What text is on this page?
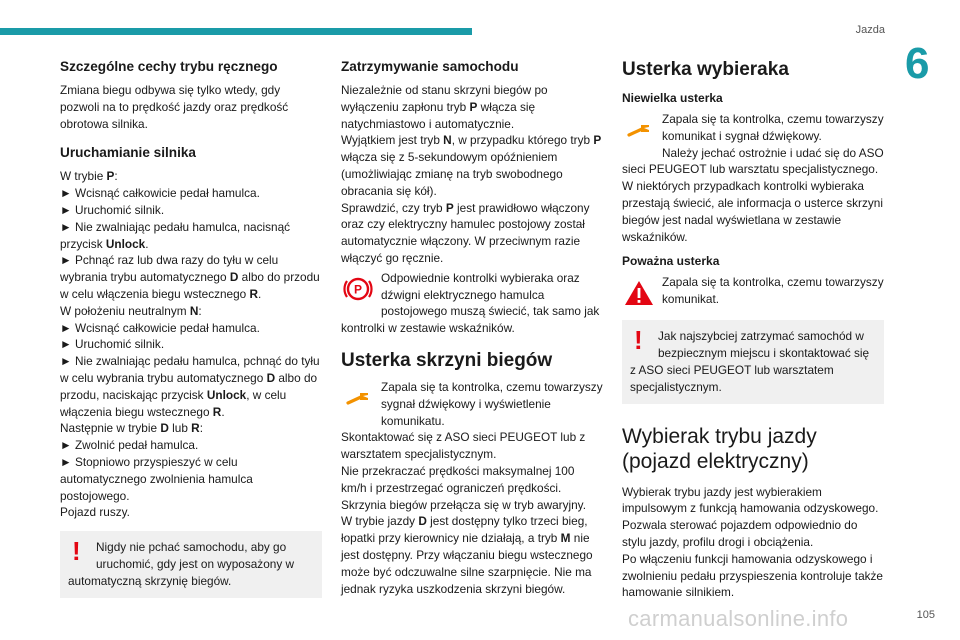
Jazda
6
105
carmanualsonline.info
Szczególne cechy trybu ręcznego

Zmiana biegu odbywa się tylko wtedy, gdy pozwoli na to prędkość jazdy oraz prędkość obrotowa silnika.

Uruchamianie silnika

W trybie P:

► Wcisnąć całkowicie pedał hamulca.

► Uruchomić silnik.

► Nie zwalniając pedału hamulca, nacisnąć przycisk Unlock.

► Pchnąć raz lub dwa razy do tyłu w celu wybrania trybu automatycznego D albo do przodu w celu włączenia biegu wstecznego R.

W położeniu neutralnym N:

► Wcisnąć całkowicie pedał hamulca.

► Uruchomić silnik.

► Nie zwalniając pedału hamulca, pchnąć do tyłu w celu wybrania trybu automatycznego D albo do przodu, naciskając przycisk Unlock, w celu włączenia biegu wstecznego R.

Następnie w trybie D lub R:

► Zwolnić pedał hamulca.

► Stopniowo przyspieszyć w celu automatycznego zwolnienia hamulca postojowego.

Pojazd ruszy.

!	Nigdy nie pchać samochodu, aby go uruchomić, gdy jest on wyposażony w automatyczną skrzynię biegów.

Zatrzymywanie samochodu

Niezależnie od stanu skrzyni biegów po wyłączeniu zapłonu tryb P włącza się natychmiastowo i automatycznie.

Wyjątkiem jest tryb N, w przypadku którego tryb P włącza się z 5-sekundowym opóźnieniem (umożliwiając zmianę na tryb swobodnego obracania się kół).

Sprawdzić, czy tryb P jest prawidłowo włączony oraz czy elektryczny hamulec postojowy został automatycznie włączony. W przeciwnym razie włączyć go ręcznie.

P

Odpowiednie kontrolki wybieraka oraz dźwigni elektrycznego hamulca postojowego muszą świecić, tak samo jak kontrolki w zestawie wskaźników.

Usterka skrzyni biegów

Zapala się ta kontrolka, czemu towarzyszy sygnał dźwiękowy i wyświetlenie komunikatu.

Skontaktować się z ASO sieci PEUGEOT lub z warsztatem specjalistycznym.

Nie przekraczać prędkości maksymalnej 100 km/h i przestrzegać ograniczeń prędkości.

Skrzynia biegów przełącza się w tryb awaryjny.

W trybie jazdy D jest dostępny tylko trzeci bieg, łopatki przy kierownicy nie działają, a tryb M nie jest dostępny. Przy włączaniu biegu wstecznego może być odczuwalne silne szarpnięcie. Nie ma jednak ryzyka uszkodzenia skrzyni biegów.

Usterka wybieraka
Niewielka usterka

Zapala się ta kontrolka, czemu towarzyszy komunikat i sygnał dźwiękowy.

Należy jechać ostrożnie i udać się do ASO sieci PEUGEOT lub warsztatu specjalistycznego.

W niektórych przypadkach kontrolki wybieraka przestają świecić, ale informacja o usterce skrzyni biegów jest nadal wyświetlana w zestawie wskaźników.

Poważna usterka

Zapala się ta kontrolka, czemu towarzyszy komunikat.

!	Jak najszybciej zatrzymać samochód w bezpiecznym miejscu i skontaktować się z ASO sieci PEUGEOT lub warsztatem specjalistycznym.

Wybierak trybu jazdy (pojazd elektryczny)

Wybierak trybu jazdy jest wybierakiem impulsowym z funkcją hamowania odzyskowego.

Pozwala sterować pojazdem odpowiednio do stylu jazdy, profilu drogi i obciążenia.

Po włączeniu funkcji hamowania odzyskowego i zwolnieniu pedału przyspieszenia kontroluje także hamowanie silnikiem.
